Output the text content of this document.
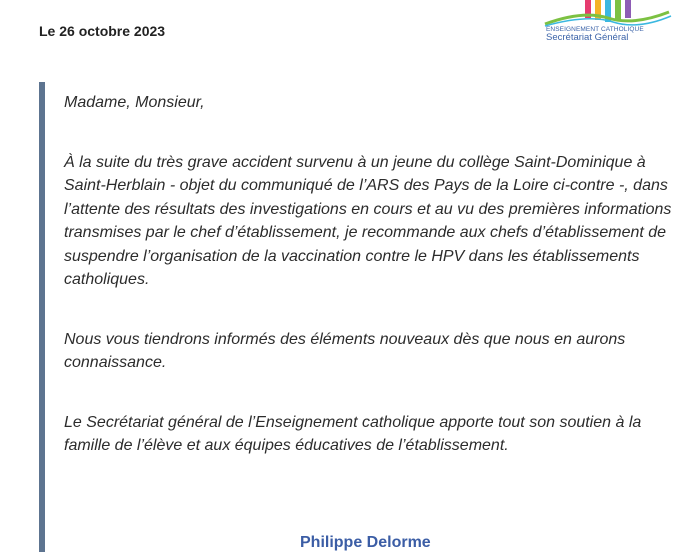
Le 26 octobre 2023	ENSEIGNEMENT CATHOLIQUE
Secrétariat Général

Madame, Monsieur,

À la suite du très grave accident survenu à un jeune du collège Saint-Dominique à Saint-Herblain - objet du communiqué de l’ARS des Pays de la Loire ci-contre -, dans l’attente des résultats des investigations en cours et au vu des premières informations transmises par le chef d’établissement, je recommande aux chefs d’établissement de suspendre l’organisation de la vaccination contre le HPV dans les établissements catholiques.

Nous vous tiendrons informés des éléments nouveaux dès que nous en aurons connaissance.

Le Secrétariat général de l’Enseignement catholique apporte tout son soutien à la famille de l’élève et aux équipes éducatives de l’établissement.

Philippe Delorme
